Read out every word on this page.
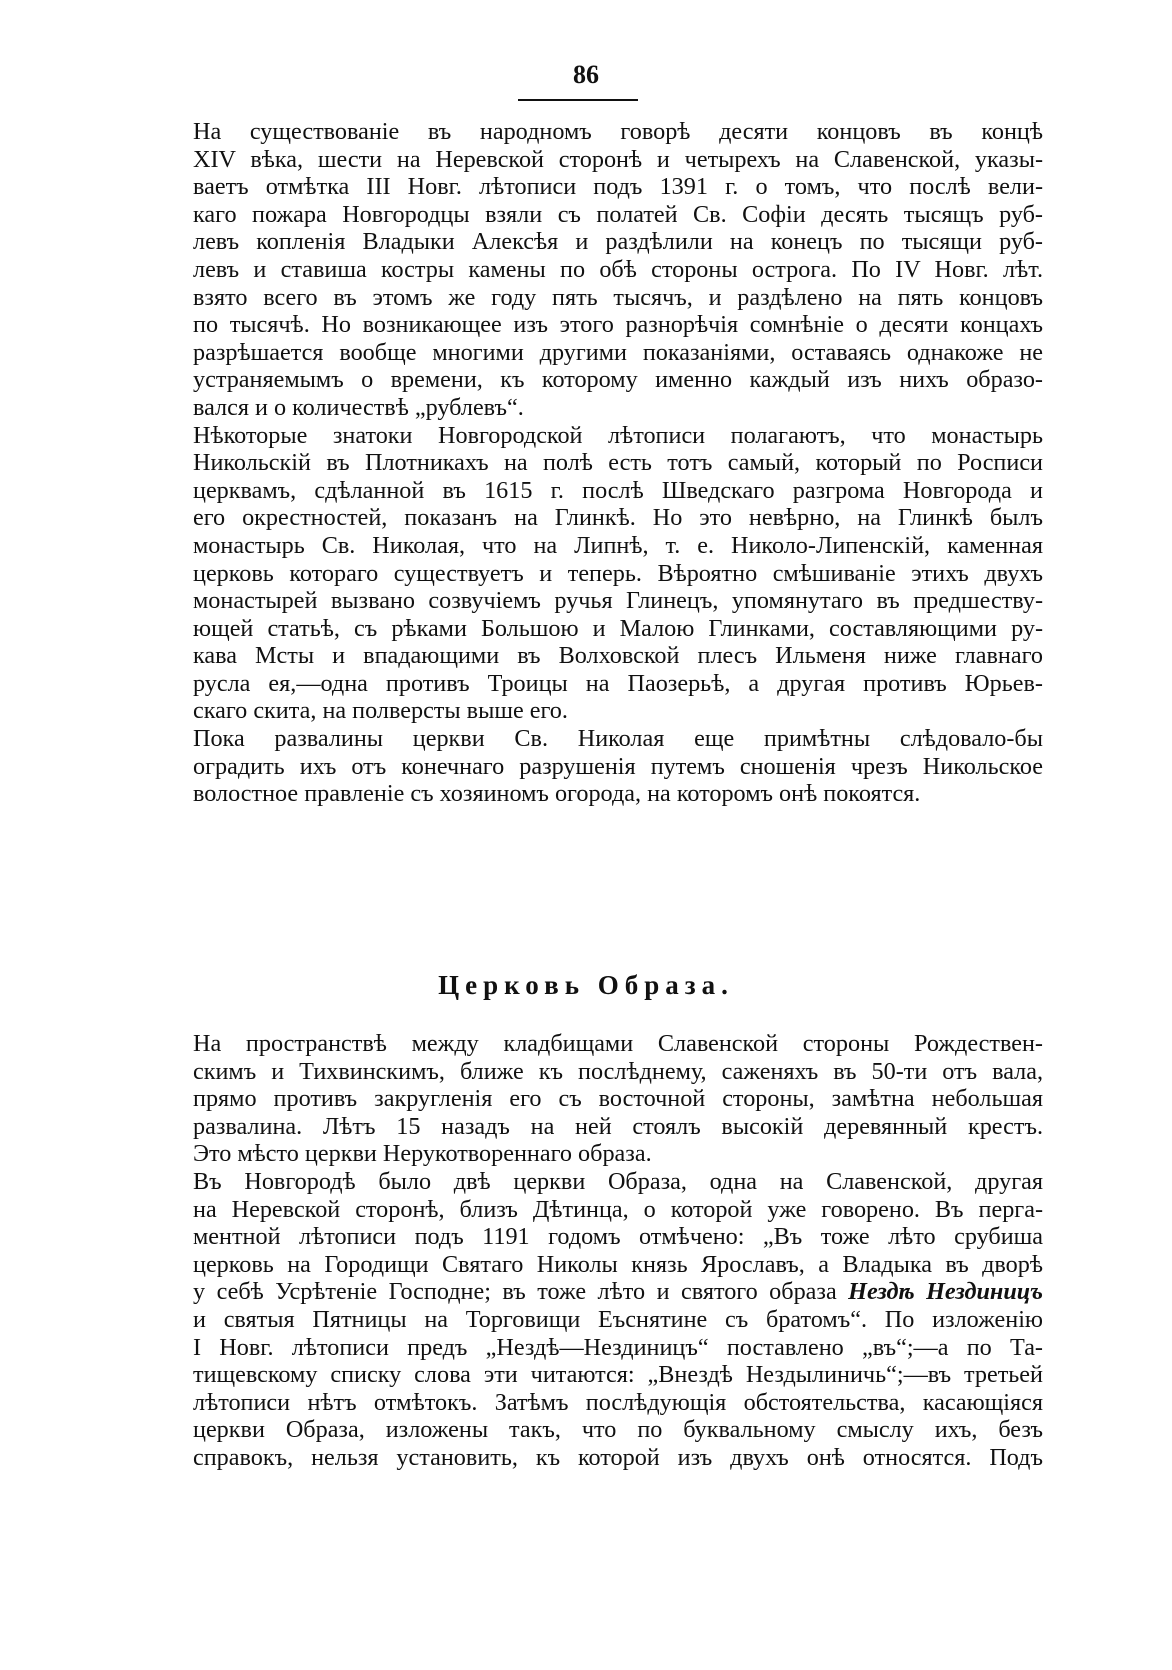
86

На существованіе въ народномъ говорѣ десяти концовъ въ концѣ
XIV вѣка, шести на Неревской сторонѣ и четырехъ на Славенской, указы-
ваетъ отмѣтка III Новг. лѣтописи подъ 1391 г. о томъ, что послѣ вели-
каго пожара Новгородцы взяли съ полатей Св. Софіи десять тысящъ руб-
левъ копленія Владыки Алексѣя и раздѣлили на конецъ по тысящи руб-
левъ и ставиша костры камены по обѣ стороны острога. По IV Новг. лѣт.
взято всего въ этомъ же году пять тысячъ, и раздѣлено на пять концовъ
по тысячѣ. Но возникающее изъ этого разнорѣчія сомнѣніе о десяти концахъ
разрѣшается вообще многими другими показаніями, оставаясь однакоже не
устраняемымъ о времени, къ которому именно каждый изъ нихъ образо-
вался и о количествѣ „рублевъ“.

Нѣкоторые знатоки Новгородской лѣтописи полагаютъ, что монастырь
Никольскій въ Плотникахъ на полѣ есть тотъ самый, который по Росписи
церквамъ, сдѣланной въ 1615 г. послѣ Шведскаго разгрома Новгорода и
его окрестностей, показанъ на Глинкѣ. Но это невѣрно, на Глинкѣ былъ
монастырь Св. Николая, что на Липнѣ, т. е. Николо-Липенскій, каменная
церковь котораго существуетъ и теперь. Вѣроятно смѣшиваніе этихъ двухъ
монастырей вызвано созвучіемъ ручья Глинецъ, упомянутаго въ предшеству-
ющей статьѣ, съ рѣками Большою и Малою Глинками, составляющими ру-
кава Мсты и впадающими въ Волховской плесъ Ильменя ниже главнаго
русла ея,—одна противъ Троицы на Паозерьѣ, а другая противъ Юрьев-
скаго скита, на полверсты выше его.

Пока развалины церкви Св. Николая еще примѣтны слѣдовало-бы
оградить ихъ отъ конечнаго разрушенія путемъ сношенія чрезъ Никольское
волостное правленіе съ хозяиномъ огорода, на которомъ онѣ покоятся.

Церковь Образа.

На пространствѣ между кладбищами Славенской стороны Рождествен-
скимъ и Тихвинскимъ, ближе къ послѣднему, саженяхъ въ 50-ти отъ вала,
прямо противъ закругленія его съ восточной стороны, замѣтна небольшая
развалина. Лѣтъ 15 назадъ на ней стоялъ высокій деревянный крестъ.
Это мѣсто церкви Нерукотвореннаго образа.

Въ Новгородѣ было двѣ церкви Образа, одна на Славенской, другая
на Неревской сторонѣ, близъ Дѣтинца, о которой уже говорено. Въ перга-
ментной лѣтописи подъ 1191 годомъ отмѣчено: „Въ тоже лѣто срубиша
церковь на Городищи Святаго Николы князь Ярославъ, а Владыка въ дворѣ
у себѣ Усрѣтеніе Господне; въ тоже лѣто и святого образа Нездѣ Нездиницъ
и святыя Пятницы на Торговищи Еъснятине съ братомъ“. По изложенію
I Новг. лѣтописи предъ „Нездѣ—Нездиницъ“ поставлено „въ“;—а по Та-
тищевскому списку слова эти читаются: „Внездѣ Нездылиничь“;—въ третьей
лѣтописи нѣтъ отмѣтокъ. Затѣмъ послѣдующія обстоятельства, касающіяся
церкви Образа, изложены такъ, что по буквальному смыслу ихъ, безъ
справокъ, нельзя установить, къ которой изъ двухъ онѣ относятся. Подъ
